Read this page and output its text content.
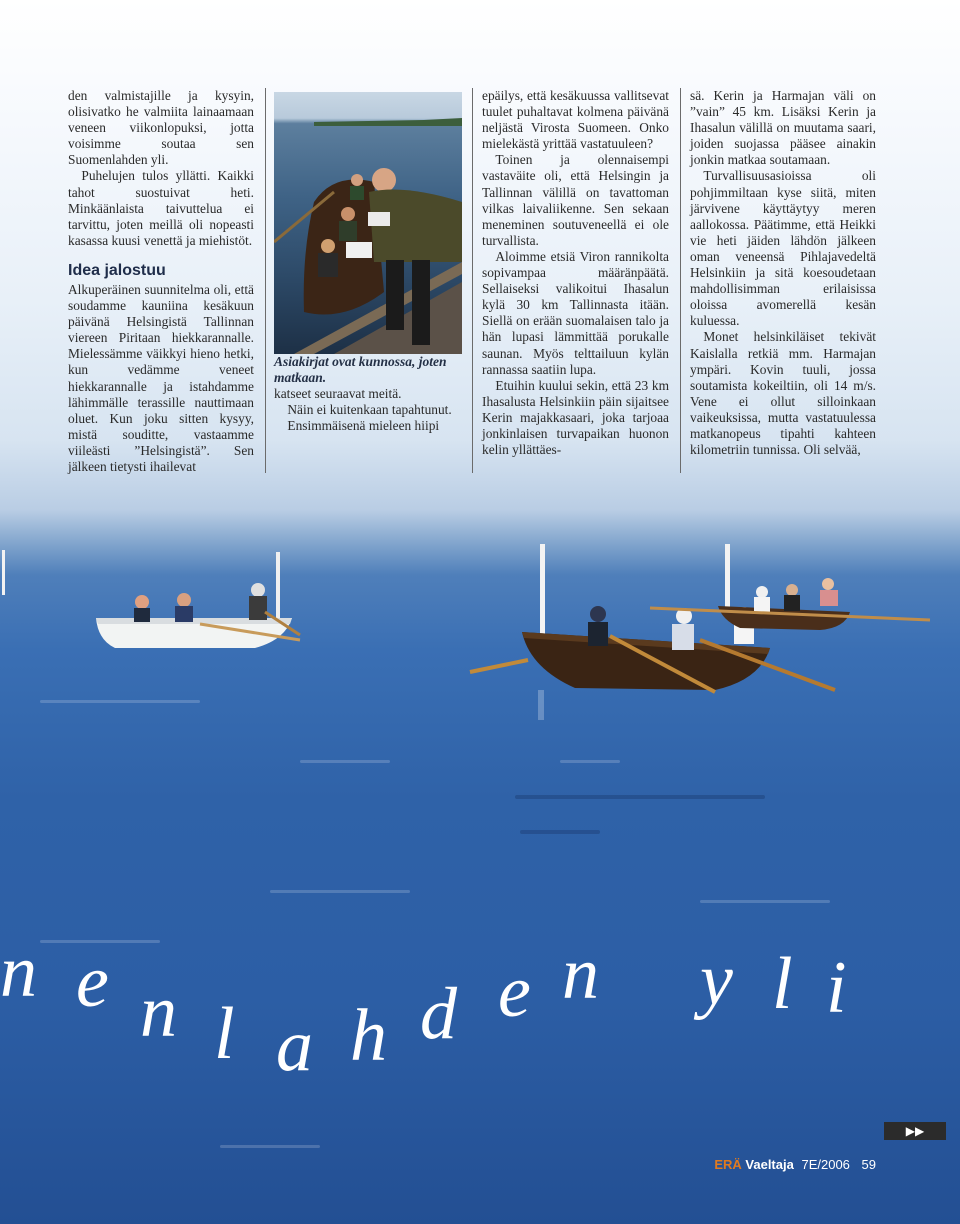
den valmistajille ja kysyin, olisivatko he valmiita lainaamaan veneen viikonlopuksi, jotta voisimme soutaa sen Suomenlahden yli.

Puhelujen tulos yllätti. Kaikki tahot suostuivat heti. Minkäänlaista taivuttelua ei tarvittu, joten meillä oli nopeasti kasassa kuusi venettä ja miehistöt.

Idea jalostuu

Alkuperäinen suunnitelma oli, että soudamme kauniina kesäkuun päivänä Helsingistä Tallinnan viereen Piritaan hiekkarannalle. Mielessämme väikkyi hieno hetki, kun vedämme veneet hiekkarannalle ja istahdamme lähimmälle terassille nauttimaan oluet. Kun joku sitten kysyy, mistä souditte, vastaamme viileästi ”Helsingistä”. Sen jälkeen tietysti ihailevat

Asiakirjat ovat kunnossa, joten matkaan.

katseet seuraavat meitä.

Näin ei kuitenkaan tapahtunut.

Ensimmäisenä mieleen hiipi

epäilys, että kesäkuussa vallitsevat tuulet puhaltavat kolmena päivänä neljästä Virosta Suomeen. Onko mielekästä yrittää vastatuuleen?

Toinen ja olennaisempi vastaväite oli, että Helsingin ja Tallinnan välillä on tavattoman vilkas laivaliikenne. Sen sekaan meneminen soutuveneellä ei ole turvallista.

Aloimme etsiä Viron rannikolta sopivampaa määränpäätä. Sellaiseksi valikoitui Ihasalun kylä 30 km Tallinnasta itään. Siellä on erään suomalaisen talo ja hän lupasi lämmittää porukalle saunan. Myös telttailuun kylän rannassa saatiin lupa.

Etuihin kuului sekin, että 23 km Ihasalusta Helsinkiin päin sijaitsee Kerin majakkasaari, joka tarjoaa jonkinlaisen turvapaikan huonon kelin yllättäes-

sä. Kerin ja Harmajan väli on ”vain” 45 km. Lisäksi Kerin ja Ihasalun välillä on muutama saari, joiden suojassa pääsee ainakin jonkin matkaa soutamaan.

Turvallisuusasioissa oli pohjimmiltaan kyse siitä, miten järvivene käyttäytyy meren aallokossa. Päätimme, että Heikki vie heti jäiden lähdön jälkeen oman veneensä Pihlajavedeltä Helsinkiin ja sitä koesoudetaan mahdollisimman erilaisissa oloissa avomerellä kesän kuluessa.

Monet helsinkiläiset tekivät Kaislalla retkiä mm. Harmajan ympäri. Kovin tuuli, jossa soutamista kokeiltiin, oli 14 m/s. Vene ei ollut silloinkaan vaikeuksissa, mutta vastatuulessa matkanopeus tipahti kahteen kilometriin tunnissa. Oli selvää,

n e n l a h d e n y l i
▶▶
ERÄ Vaeltaja 7E/2006 59
